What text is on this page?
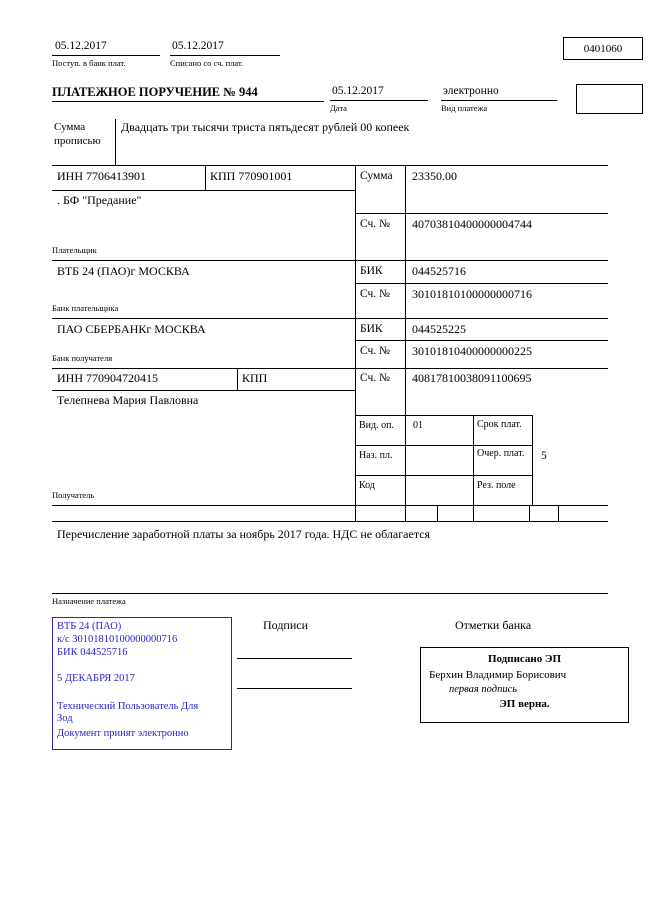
05.12.2017
Поступ. в банк плат.
05.12.2017
Списано со сч. плат.
0401060
ПЛАТЕЖНОЕ ПОРУЧЕНИЕ № 944	05.12.2017
Дата
электронно
Вид платежа
Сумма
прописью
Двадцать три тысячи триста пятьдесят рублей 00 копеек
ИНН 7706413901	КПП 770901001	Сумма 23350.00
. БФ "Предание"
Сч. № 40703810400000004744
Плательщик
ВТБ 24 (ПАО)г МОСКВА	БИК 044525716
Сч. № 30101810100000000716
Банк плательщика
ПАО СБЕРБАНКг МОСКВА	БИК 044525225
Сч. № 30101810400000000225
Банк получателя
ИНН 770904720415	КПП	Сч. № 40817810038091100695
Телепнева Мария Павловна
Вид. оп. 01	Срок плат.
Наз. пл.	Очер. плат. 5
Код	Рез. поле
Получатель
Перечисление заработной платы за ноябрь 2017 года. НДС не облагается
Назначение платежа
ВТБ 24 (ПАО)
к/с 30101810100000000716
БИК 044525716
5 ДЕКАБРЯ 2017
Технический Пользователь Для Зод
Документ принят электронно
Подписи	Отметки банка
Подписано ЭП
Берхин Владимир Борисович
первая подпись
ЭП верна.
